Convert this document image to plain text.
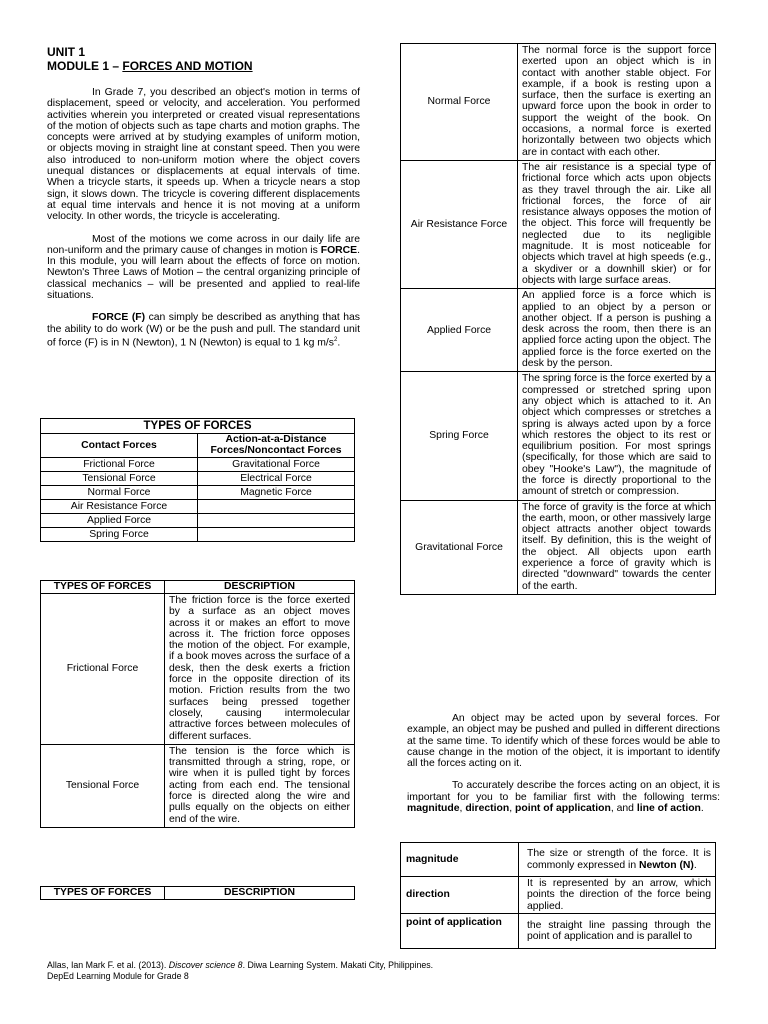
UNIT 1
MODULE 1 – FORCES AND MOTION

In Grade 7, you described an object's motion in terms of displacement, speed or velocity, and acceleration. You performed activities wherein you interpreted or created visual representations of the motion of objects such as tape charts and motion graphs. The concepts were arrived at by studying examples of uniform motion, or objects moving in straight line at constant speed. Then you were also introduced to non-uniform motion where the object covers unequal distances or displacements at equal intervals of time. When a tricycle starts, it speeds up. When a tricycle nears a stop sign, it slows down. The tricycle is covering different displacements at equal time intervals and hence it is not moving at a uniform velocity. In other words, the tricycle is accelerating.

Most of the motions we come across in our daily life are non-uniform and the primary cause of changes in motion is FORCE. In this module, you will learn about the effects of force on motion. Newton's Three Laws of Motion – the central organizing principle of classical mechanics – will be presented and applied to real-life situations.

FORCE (F) can simply be described as anything that has the ability to do work (W) or be the push and pull. The standard unit of force (F) is in N (Newton), 1 N (Newton) is equal to 1 kg $m/s^2$.

TYPES OF FORCES	
Contact Forces	Action-at-a-Distance Forces/Noncontact Forces
Frictional Force	Gravitational Force
Tensional Force	Electrical Force
Normal Force	Magnetic Force
Air Resistance Force	
Applied Force	
Spring Force	
TYPES OF FORCES	DESCRIPTION
Frictional Force	The friction force is the force exerted by a surface as an object moves across it or makes an effort to move across it. The friction force opposes the motion of the object. For example, if a book moves across the surface of a desk, then the desk exerts a friction force in the opposite direction of its motion. Friction results from the two surfaces being pressed together closely, causing intermolecular attractive forces between molecules of different surfaces.
Tensional Force	The tension is the force which is transmitted through a string, rope, or wire when it is pulled tight by forces acting from each end. The tensional force is directed along the wire and pulls equally on the objects on either end of the wire.
TYPES OF FORCES	DESCRIPTION
Normal Force	The normal force is the support force exerted upon an object which is in contact with another stable object. For example, if a book is resting upon a surface, then the surface is exerting an upward force upon the book in order to support the weight of the book. On occasions, a normal force is exerted horizontally between two objects which are in contact with each other.
Air Resistance Force	The air resistance is a special type of frictional force which acts upon objects as they travel through the air. Like all frictional forces, the force of air resistance always opposes the motion of the object. This force will frequently be neglected due to its negligible magnitude. It is most noticeable for objects which travel at high speeds (e.g., a skydiver or a downhill skier) or for objects with large surface areas.
Applied Force	An applied force is a force which is applied to an object by a person or another object. If a person is pushing a desk across the room, then there is an applied force acting upon the object. The applied force is the force exerted on the desk by the person.
Spring Force	The spring force is the force exerted by a compressed or stretched spring upon any object which is attached to it. An object which compresses or stretches a spring is always acted upon by a force which restores the object to its rest or equilibrium position. For most springs (specifically, for those which are said to obey "Hooke's Law"), the magnitude of the force is directly proportional to the amount of stretch or compression.
Gravitational Force	The force of gravity is the force at which the earth, moon, or other massively large object attracts another object towards itself. By definition, this is the weight of the object. All objects upon earth experience a force of gravity which is directed "downward" towards the center of the earth.

An object may be acted upon by several forces. For example, an object may be pushed and pulled in different directions at the same time. To identify which of these forces would be able to cause change in the motion of the object, it is important to identify all the forces acting on it.

To accurately describe the forces acting on an object, it is important for you to be familiar first with the following terms: magnitude, direction, point of application, and line of action.

magnitude	The size or strength of the force. It is commonly expressed in Newton (N).
direction	It is represented by an arrow, which points the direction of the force being applied.
point of application	the straight line passing through the point of application and is parallel to
Allas, Ian Mark F. et al. (2013). Discover science 8. Diwa Learning System. Makati City, Philippines.
DepEd Learning Module for Grade 8
